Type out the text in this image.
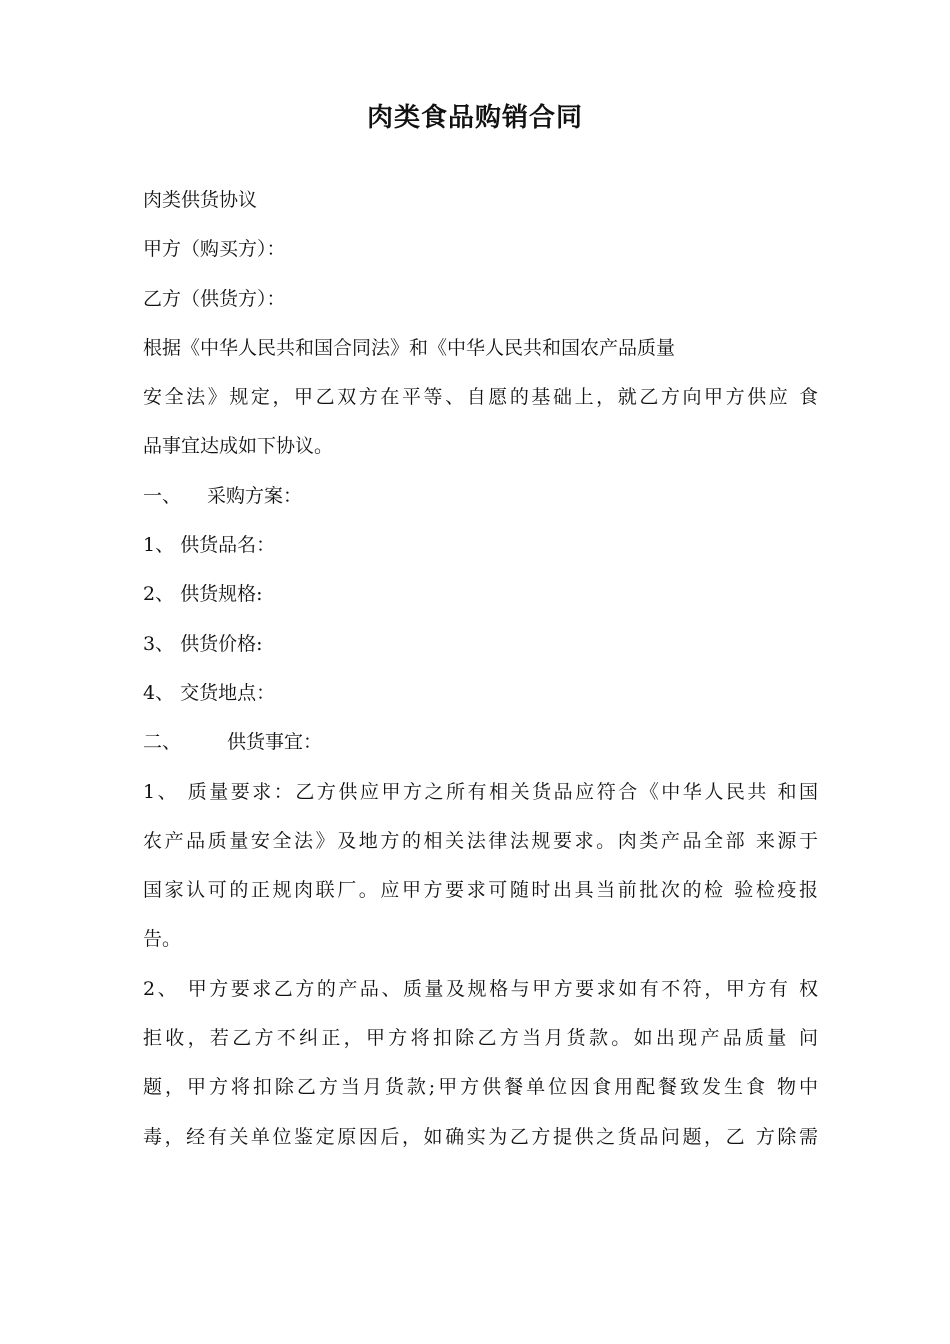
肉类食品购销合同
肉类供货协议
甲方（购买方）：
乙方（供货方）：
根据《中华人民共和国合同法》和《中华人民共和国农产品质量
安全法》规定，甲乙双方在平等、自愿的基础上，就乙方向甲方供应 食
品事宜达成如下协议。
一、 采购方案：
1、 供货品名：
2、 供货规格:
3、 供货价格:
4、 交货地点：
二、 供货事宜：
1、 质量要求：乙方供应甲方之所有相关货品应符合《中华人民共 和国
农产品质量安全法》及地方的相关法律法规要求。肉类产品全部 来源于
国家认可的正规肉联厂。应甲方要求可随时出具当前批次的检 验检疫报
告。
2、 甲方要求乙方的产品、质量及规格与甲方要求如有不符，甲方有 权
拒收，若乙方不纠正，甲方将扣除乙方当月货款。如出现产品质量 问
题，甲方将扣除乙方当月货款;甲方供餐单位因食用配餐致发生食 物中
毒，经有关单位鉴定原因后，如确实为乙方提供之货品问题，乙 方除需
